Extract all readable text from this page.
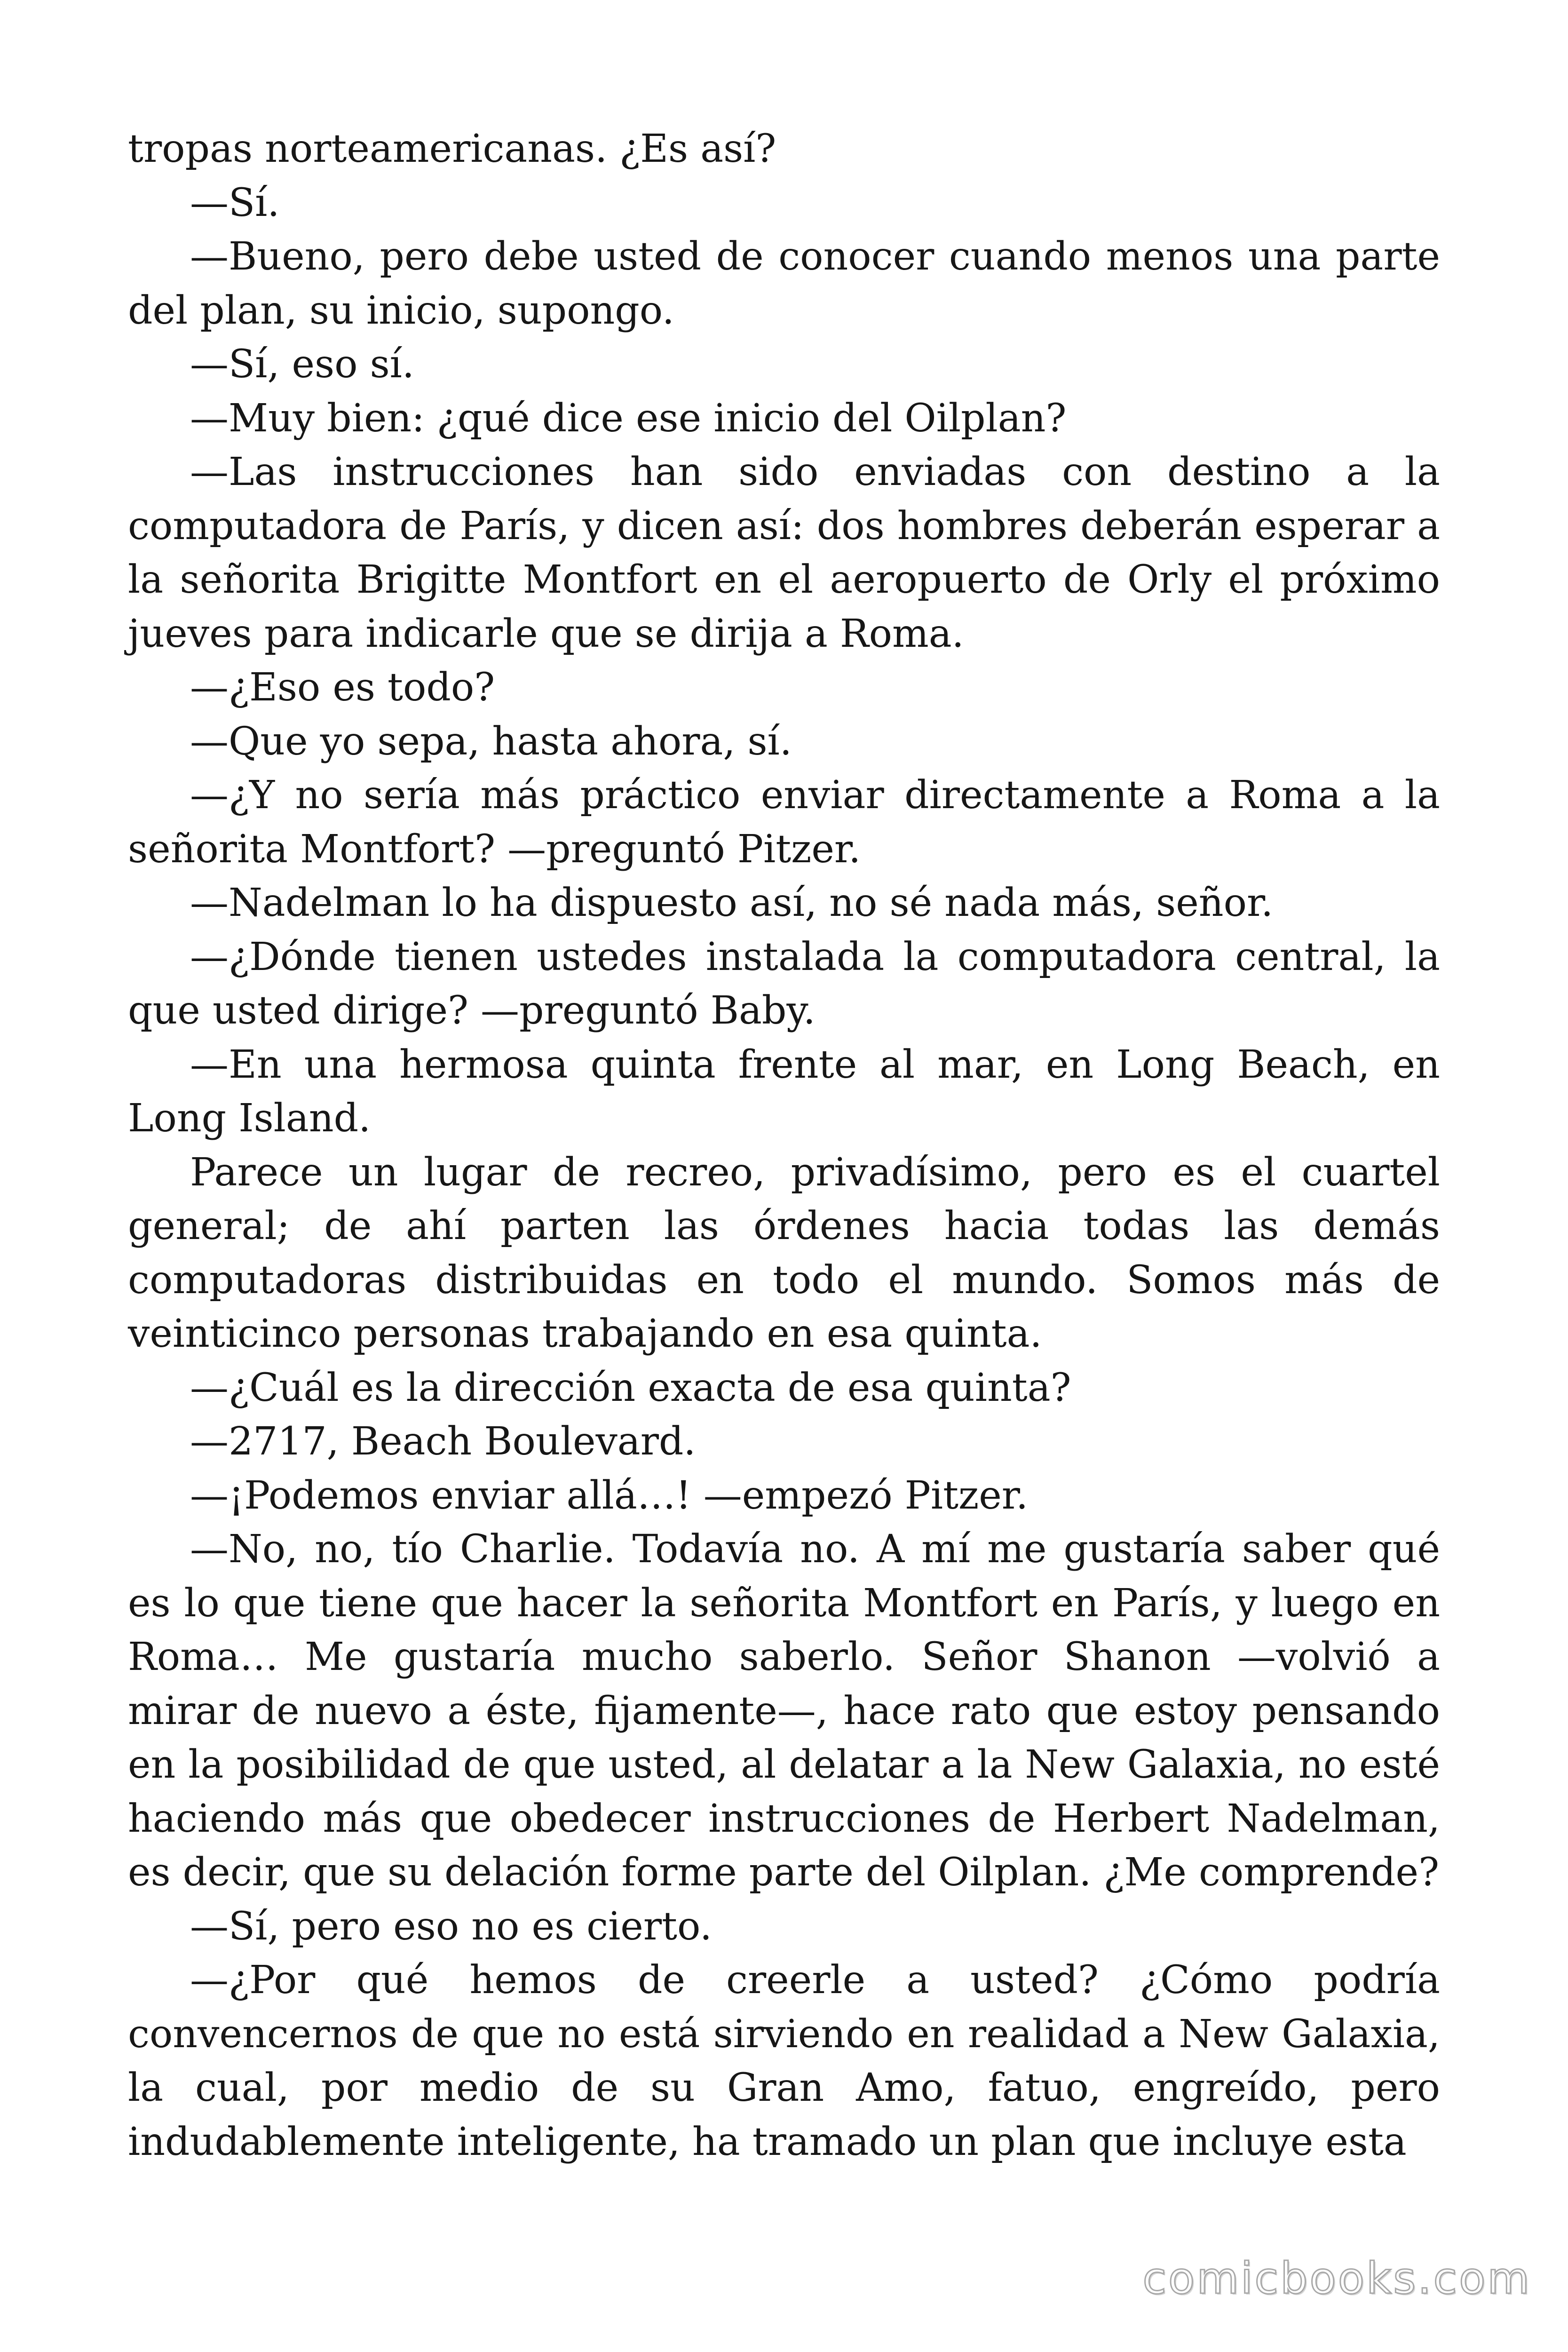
tropas norteamericanas. ¿Es así?

—Sí.

—Bueno, pero debe usted de conocer cuando menos una parte del plan, su inicio, supongo.

—Sí, eso sí.

—Muy bien: ¿qué dice ese inicio del Oilplan?

—Las instrucciones han sido enviadas con destino a la computadora de París, y dicen así: dos hombres deberán esperar a la señorita Brigitte Montfort en el aeropuerto de Orly el próximo jueves para indicarle que se dirija a Roma.

—¿Eso es todo?

—Que yo sepa, hasta ahora, sí.

—¿Y no sería más práctico enviar directamente a Roma a la señorita Montfort? —preguntó Pitzer.

—Nadelman lo ha dispuesto así, no sé nada más, señor.

—¿Dónde tienen ustedes instalada la computadora central, la que usted dirige? —preguntó Baby.

—En una hermosa quinta frente al mar, en Long Beach, en Long Island.

Parece un lugar de recreo, privadísimo, pero es el cuartel general; de ahí parten las órdenes hacia todas las demás computadoras distribuidas en todo el mundo. Somos más de veinticinco personas trabajando en esa quinta.

—¿Cuál es la dirección exacta de esa quinta?

—2717, Beach Boulevard.

—¡Podemos enviar allá…! —empezó Pitzer.

—No, no, tío Charlie. Todavía no. A mí me gustaría saber qué es lo que tiene que hacer la señorita Montfort en París, y luego en Roma… Me gustaría mucho saberlo. Señor Shanon —volvió a mirar de nuevo a éste, fijamente—, hace rato que estoy pensando en la posibilidad de que usted, al delatar a la New Galaxia, no esté haciendo más que obedecer instrucciones de Herbert Nadelman, es decir, que su delación forme parte del Oilplan. ¿Me comprende?

—Sí, pero eso no es cierto.

—¿Por qué hemos de creerle a usted? ¿Cómo podría convencernos de que no está sirviendo en realidad a New Galaxia, la cual, por medio de su Gran Amo, fatuo, engreído, pero indudablemente inteligente, ha tramado un plan que incluye esta

comicbooks.com
